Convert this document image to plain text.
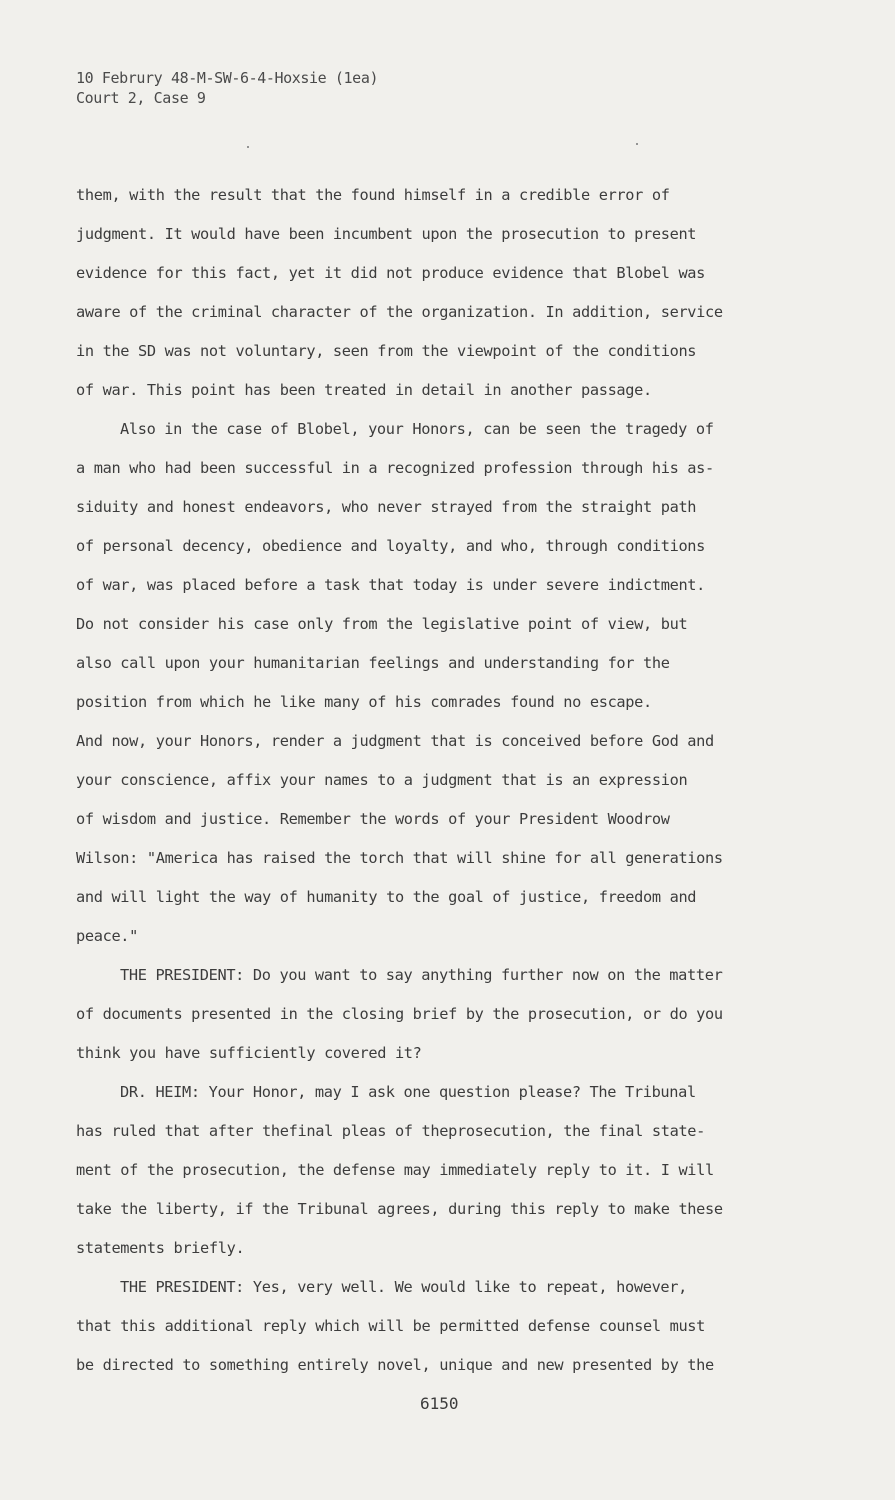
10 Februry 48-M-SW-6-4-Hoxsie (1ea)
Court 2, Case 9
them, with the result that the found himself in a credible error of
judgment. It would have been incumbent upon the prosecution to present
evidence for this fact, yet it did not produce evidence that Blobel was
aware of the criminal character of the organization. In addition, service
in the SD was not voluntary, seen from the viewpoint of the conditions
of war. This point has been treated in detail in another passage.
Also in the case of Blobel, your Honors, can be seen the tragedy of
a man who had been successful in a recognized profession through his as-
siduity and honest endeavors, who never strayed from the straight path
of personal decency, obedience and loyalty, and who, through conditions
of war, was placed before a task that today is under severe indictment.
Do not consider his case only from the legislative point of view, but
also call upon your humanitarian feelings and understanding for the
position from which he like many of his comrades found no escape.
And now, your Honors, render a judgment that is conceived before God and
your conscience, affix your names to a judgment that is an expression
of wisdom and justice. Remember the words of your President Woodrow
Wilson: "America has raised the torch that will shine for all generations
and will light the way of humanity to the goal of justice, freedom and
peace."
THE PRESIDENT: Do you want to say anything further now on the matter
of documents presented in the closing brief by the prosecution, or do you
think you have sufficiently covered it?
DR. HEIM: Your Honor, may I ask one question please? The Tribunal
has ruled that after thefinal pleas of theprosecution, the final state-
ment of the prosecution, the defense may immediately reply to it. I will
take the liberty, if the Tribunal agrees, during this reply to make these
statements briefly.
THE PRESIDENT: Yes, very well. We would like to repeat, however,
that this additional reply which will be permitted defense counsel must
be directed to something entirely novel, unique and new presented by the
6150
